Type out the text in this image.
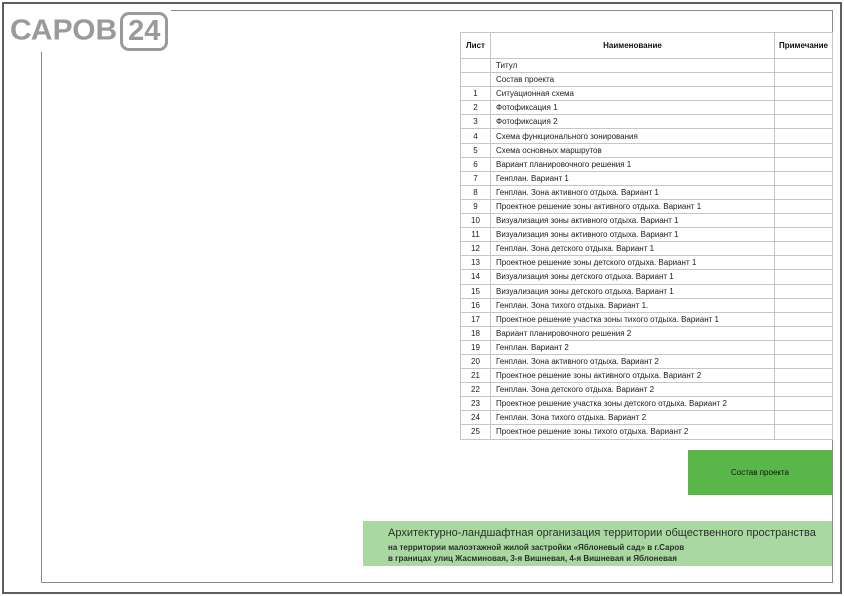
САРОВ 24	Лист	Наименование	Примечание
	Титул	
	Состав проекта	
1	Ситуационная схема	
2	Фотофиксация 1	
3	Фотофиксация 2	
4	Схема функционального зонирования	
5	Схема основных маршрутов	
6	Вариант планировочного решения 1	
7	Генплан. Вариант 1	
8	Генплан. Зона активного отдыха. Вариант 1	
9	Проектное решение зоны активного отдыха. Вариант 1	
10	Визуализация зоны активного отдыха. Вариант 1	
11	Визуализация зоны активного отдыха. Вариант 1	
12	Генплан. Зона детского отдыха. Вариант 1	
13	Проектное решение зоны детского отдыха. Вариант 1	
14	Визуализация зоны детского отдыха. Вариант 1	
15	Визуализация зоны детского отдыха. Вариант 1	
16	Генплан. Зона тихого отдыха. Вариант 1.	
17	Проектное решение участка зоны тихого отдыха. Вариант 1	
18	Вариант планировочного решения 2	
19	Генплан. Вариант 2	
20	Генплан. Зона активного отдыха. Вариант 2	
21	Проектное решение зоны активного отдыха. Вариант 2	
22	Генплан. Зона детского отдыха. Вариант 2	
23	Проектное решение участка зоны детского отдыха. Вариант 2	
24	Генплан. Зона тихого отдыха. Вариант 2	
25	Проектное решение зоны тихого отдыха. Вариант 2	
Состав проекта
Архитектурно-ландшафтная организация территории общественного пространства
на территории малоэтажной жилой застройки «Яблоневый сад» в г.Саров
в границах улиц Жасминовая, 3-я Вишневая, 4-я Вишневая и Яблоневая
